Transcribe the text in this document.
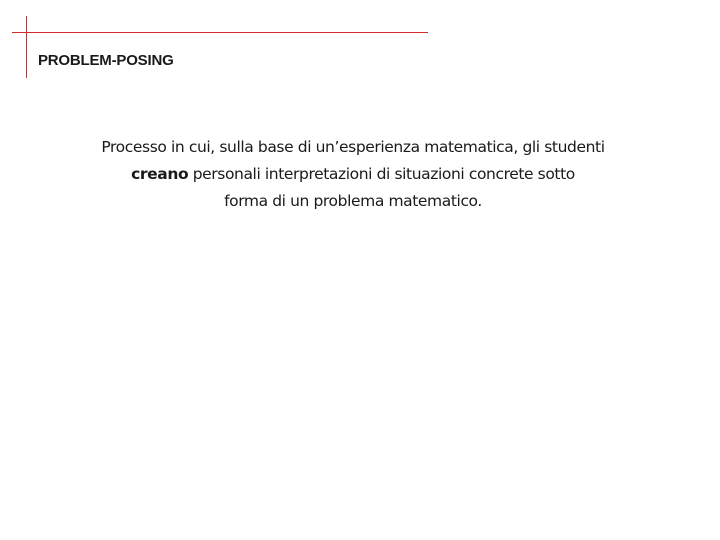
PROBLEM-POSING
Processo in cui, sulla base di un’esperienza matematica, gli studenti
creano personali interpretazioni di situazioni concrete sotto
forma di un problema matematico.
